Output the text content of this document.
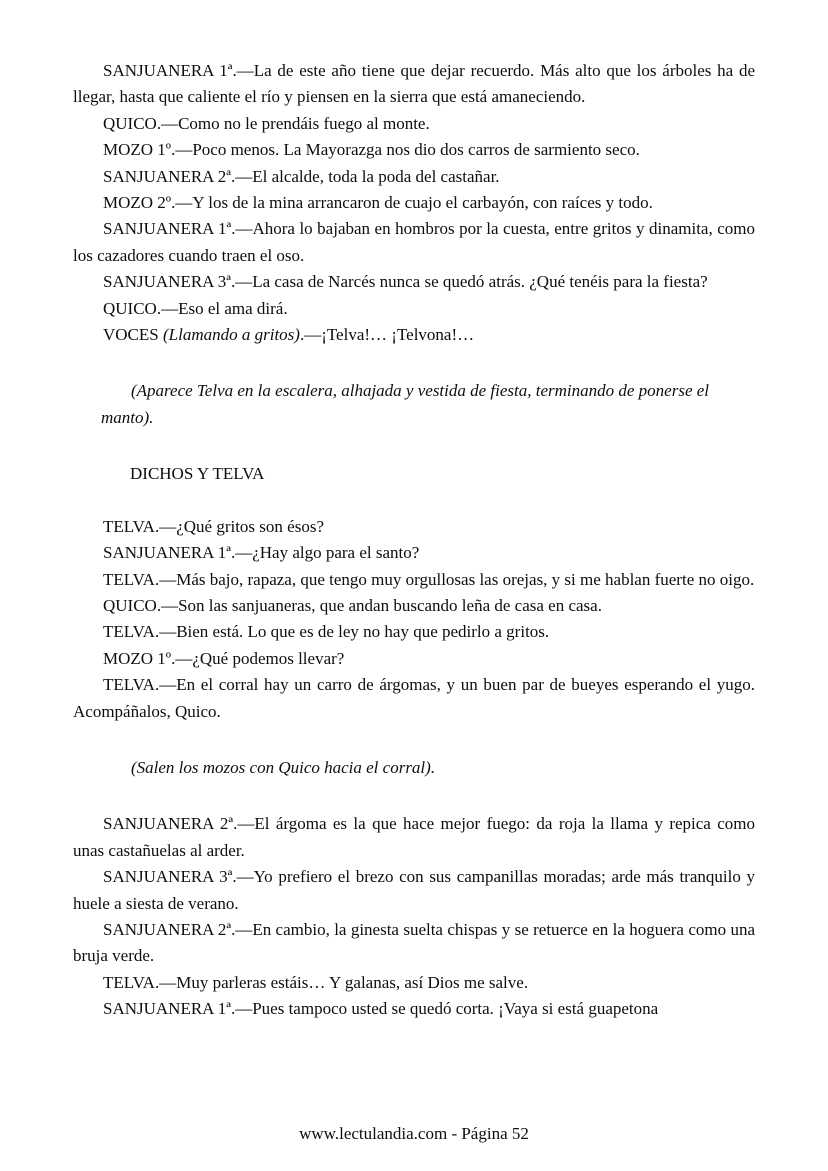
SANJUANERA 1ª.—La de este año tiene que dejar recuerdo. Más alto que los árboles ha de llegar, hasta que caliente el río y piensen en la sierra que está amaneciendo.

QUICO.—Como no le prendáis fuego al monte.

MOZO 1º.—Poco menos. La Mayorazga nos dio dos carros de sarmiento seco.

SANJUANERA 2ª.—El alcalde, toda la poda del castañar.

MOZO 2º.—Y los de la mina arrancaron de cuajo el carbayón, con raíces y todo.

SANJUANERA 1ª.—Ahora lo bajaban en hombros por la cuesta, entre gritos y dinamita, como los cazadores cuando traen el oso.

SANJUANERA 3ª.—La casa de Narcés nunca se quedó atrás. ¿Qué tenéis para la fiesta?

QUICO.—Eso el ama dirá.

VOCES (Llamando a gritos).—¡Telva!… ¡Telvona!…

(Aparece Telva en la escalera, alhajada y vestida de fiesta, terminando de ponerse el manto).

DICHOS Y TELVA

TELVA.—¿Qué gritos son ésos?

SANJUANERA 1ª.—¿Hay algo para el santo?

TELVA.—Más bajo, rapaza, que tengo muy orgullosas las orejas, y si me hablan fuerte no oigo.

QUICO.—Son las sanjuaneras, que andan buscando leña de casa en casa.

TELVA.—Bien está. Lo que es de ley no hay que pedirlo a gritos.

MOZO 1º.—¿Qué podemos llevar?

TELVA.—En el corral hay un carro de árgomas, y un buen par de bueyes esperando el yugo. Acompáñalos, Quico.

(Salen los mozos con Quico hacia el corral).

SANJUANERA 2ª.—El árgoma es la que hace mejor fuego: da roja la llama y repica como unas castañuelas al arder.

SANJUANERA 3ª.—Yo prefiero el brezo con sus campanillas moradas; arde más tranquilo y huele a siesta de verano.

SANJUANERA 2ª.—En cambio, la ginesta suelta chispas y se retuerce en la hoguera como una bruja verde.

TELVA.—Muy parleras estáis… Y galanas, así Dios me salve.

SANJUANERA 1ª.—Pues tampoco usted se quedó corta. ¡Vaya si está guapetona

www.lectulandia.com - Página 52
